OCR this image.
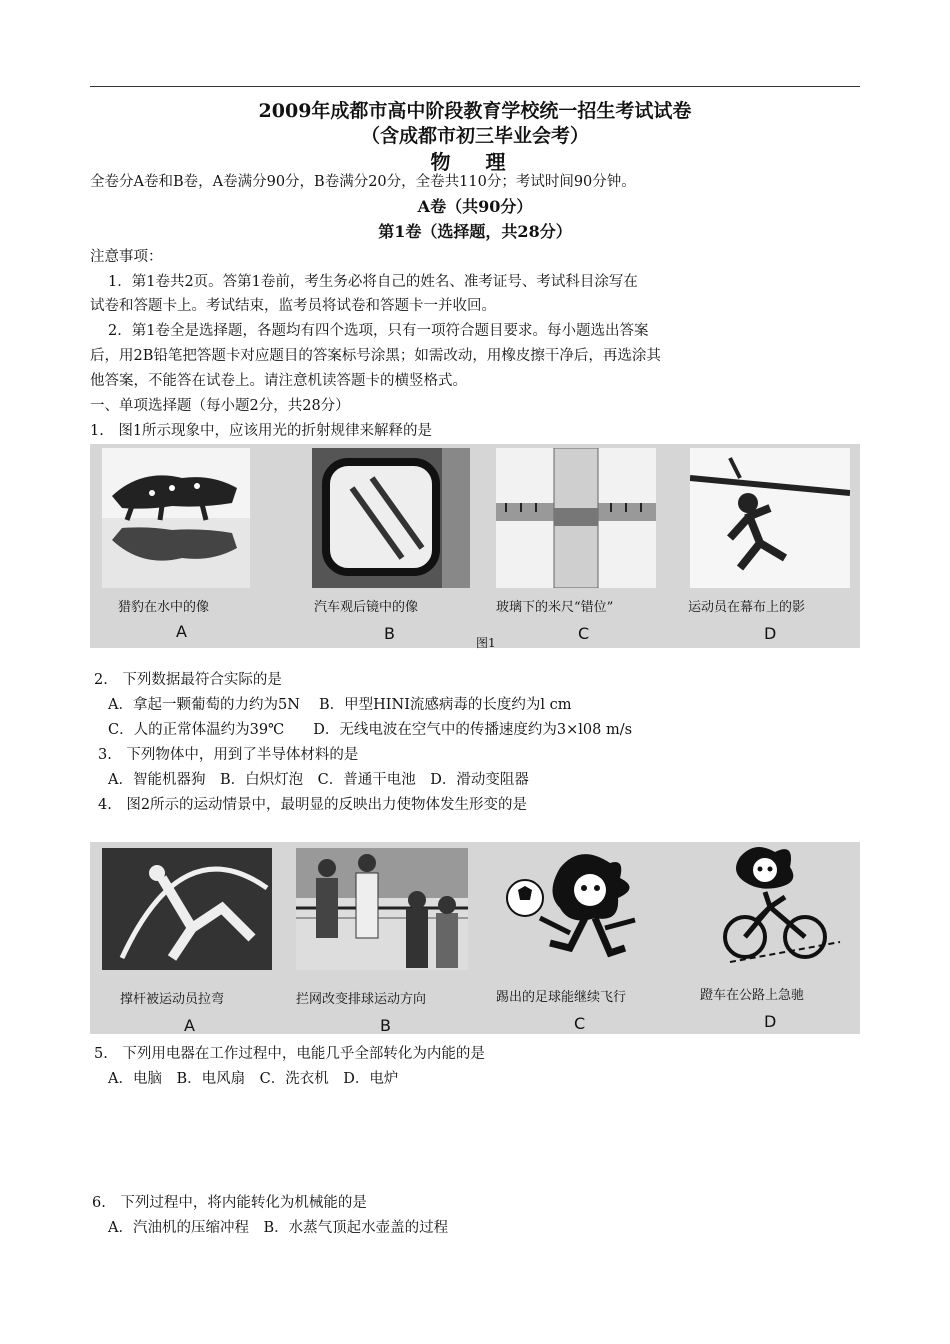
2009年成都市高中阶段教育学校统一招生考试试卷
（含成都市初三毕业会考）
物 理
全卷分A卷和B卷，A卷满分90分，B卷满分20分，全卷共110分；考试时间90分钟。
A卷（共90分）
第1卷（选择题，共28分）
注意事项：
1．第1卷共2页。答第1卷前，考生务必将自己的姓名、准考证号、考试科目涂写在
试卷和答题卡上。考试结束，监考员将试卷和答题卡一并收回。
2．第1卷全是选择题，各题均有四个选项，只有一项符合题目要求。每小题选出答案
后，用2B铅笔把答题卡对应题目的答案标号涂黑；如需改动，用橡皮擦干净后，再选涂其
他答案，不能答在试卷上。请注意机读答题卡的横竖格式。
一、单项选择题（每小题2分，共28分）
1.　图1所示现象中，应该用光的折射规律来解释的是
猎豹在水中的像
A
汽车观后镜中的像
B
玻璃下的米尺“错位”
C
运动员在幕布上的影
D
图1
2.　下列数据最符合实际的是
A．拿起一颗葡萄的力约为5N　 B．甲型HINI流感病毒的长度约为l cm
C．人的正常体温约为39℃　　D．无线电波在空气中的传播速度约为3×l08 m/s
3.　下列物体中，用到了半导体材料的是
A．智能机器狗　B．白炽灯泡　C．普通干电池　D．滑动变阻器
4.　图2所示的运动情景中，最明显的反映出力使物体发生形变的是
撑杆被运动员拉弯
A
拦网改变排球运动方向
B
踢出的足球能继续飞行
C
蹬车在公路上急驰
D
5.　下列用电器在工作过程中，电能几乎全部转化为内能的是
A．电脑　B．电风扇　C．洗衣机　D．电炉
6.　下列过程中，将内能转化为机械能的是
A．汽油机的压缩冲程　B．水蒸气顶起水壶盖的过程
